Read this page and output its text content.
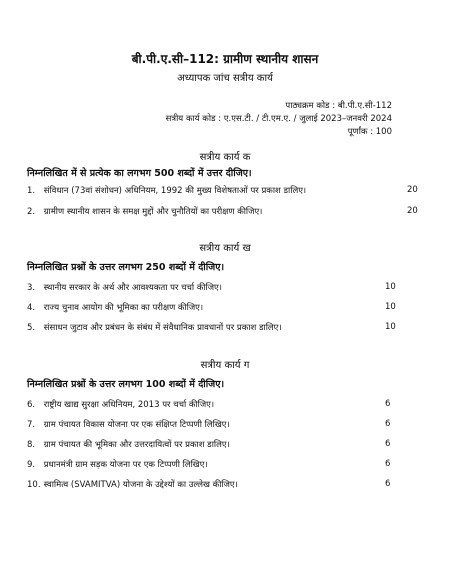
बी.पी.ए.सी–112: ग्रामीण स्थानीय शासन
अध्यापक जांच सत्रीय कार्य
पाठ्यक्रम कोड : बी.पी.ए.सी-112
सत्रीय कार्य कोड : ए.एस.टी. / टी.एम.ए. / जुलाई 2023–जनवरी 2024
पूर्णांक : 100
सत्रीय कार्य क
निम्नलिखित में से प्रत्येक का लगभग 500 शब्दों में उत्तर दीजिए।
1. संविधान (73वां संशोधन) अधिनियम, 1992 की मुख्य विशेषताओं पर प्रकाश डालिए।	20
2. ग्रामीण स्थानीय शासन के समक्ष मुद्दों और चुनौतियों का परीक्षण कीजिए।	20
सत्रीय कार्य ख
निम्नलिखित प्रश्नों के उत्तर लगभग 250 शब्दों में दीजिए।
3. स्थानीय सरकार के अर्थ और आवश्यकता पर चर्चा कीजिए।	10
4. राज्य चुनाव आयोग की भूमिका का परीक्षण कीजिए।	10
5. संसाधन जुटाव और प्रबंधन के संबंध में संवैधानिक प्रावधानों पर प्रकाश डालिए।	10
सत्रीय कार्य ग
निम्नलिखित प्रश्नों के उत्तर लगभग 100 शब्दों में दीजिए।
6. राष्ट्रीय खाद्य सुरक्षा अधिनियम, 2013 पर चर्चा कीजिए।	6
7. ग्राम पंचायत विकास योजना पर एक संक्षिप्त टिप्पणी लिखिए।	6
8. ग्राम पंचायत की भूमिका और उत्तरदायित्वों पर प्रकाश डालिए।	6
9. प्रधानमंत्री ग्राम सड़क योजना पर एक टिप्पणी लिखिए।	6
10. स्वामित्व (SVAMITVA) योजना के उद्देश्यों का उल्लेख कीजिए।	6
